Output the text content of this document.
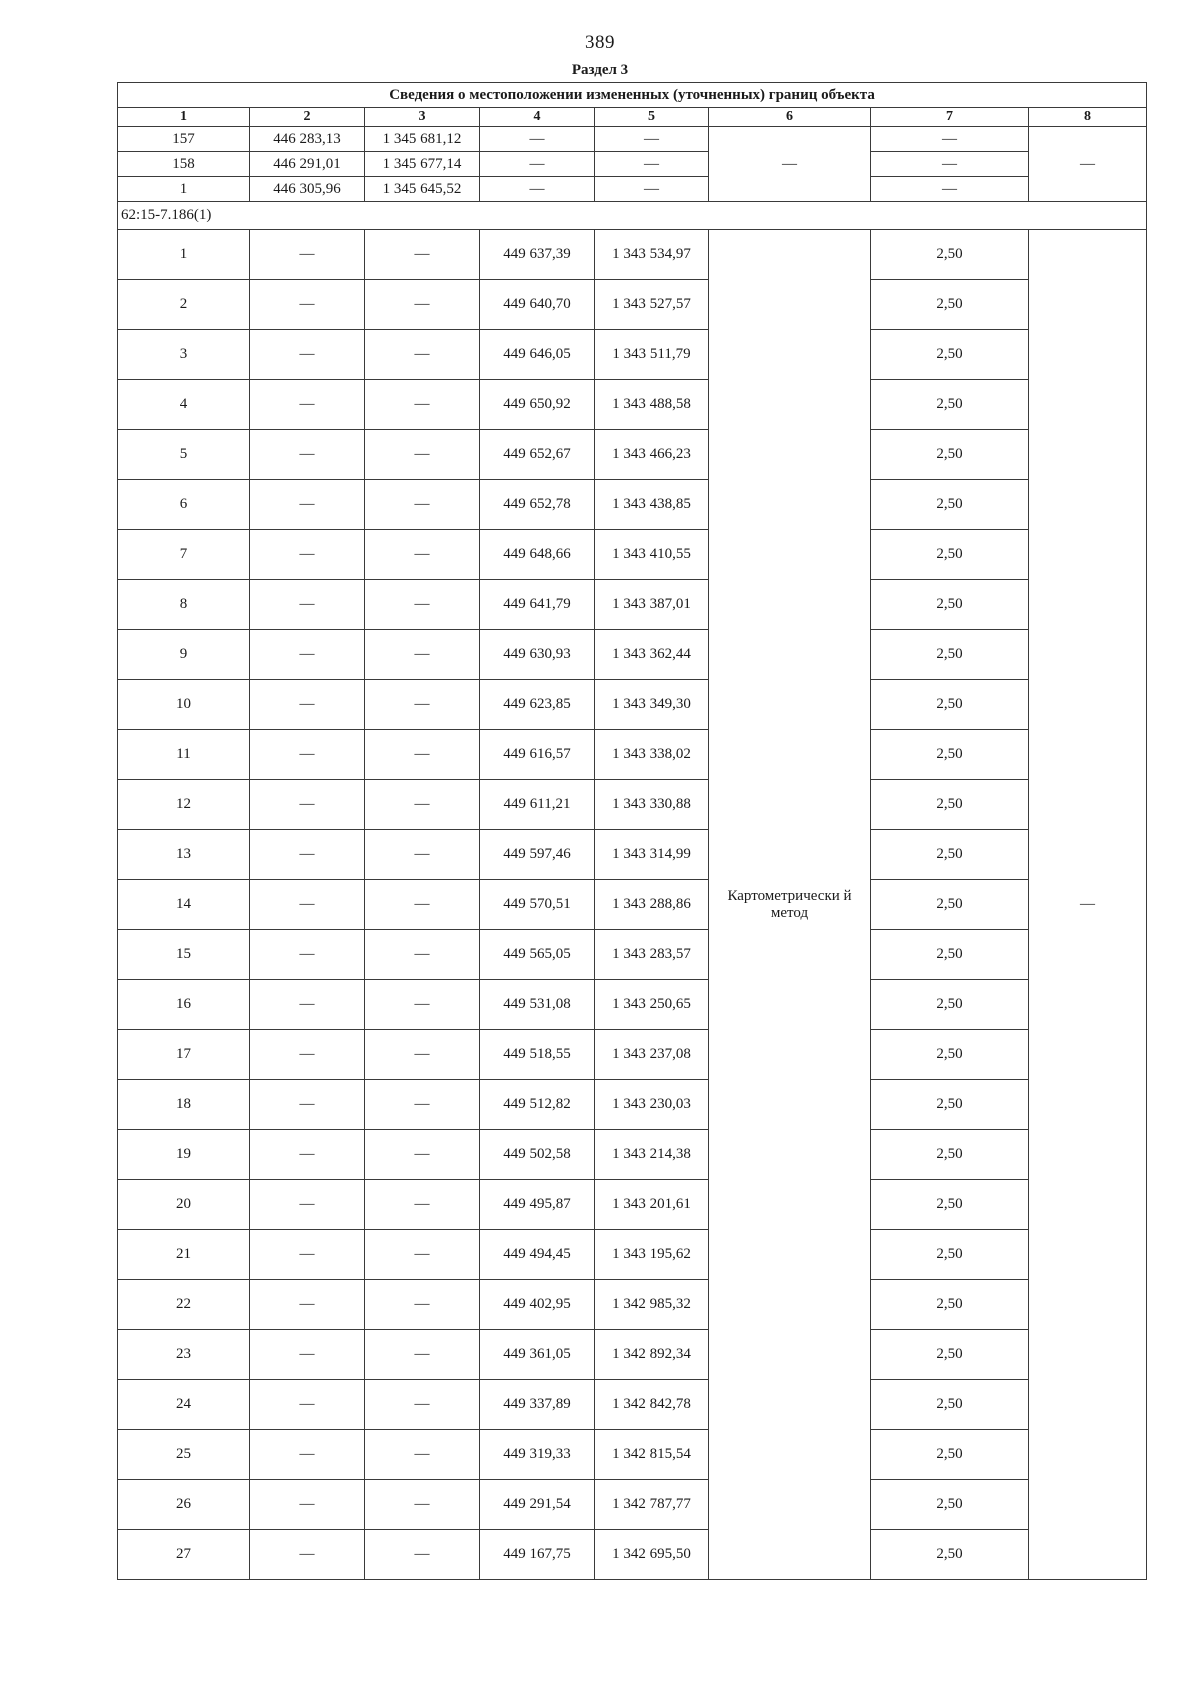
389
Раздел 3
Сведения о местоположении измененных (уточненных) границ объекта							
1	2	3	4	5	6	7	8
157	446 283,13	1 345 681,12	—	—	—	—	—
158	446 291,01	1 345 677,14	—	—		—	
1	446 305,96	1 345 645,52	—	—		—	
62:15-7.186(1)							
1	—	—	449 637,39	1 343 534,97	Картометрически й метод	2,50	—
2	—	—	449 640,70	1 343 527,57		2,50	
3	—	—	449 646,05	1 343 511,79		2,50	
4	—	—	449 650,92	1 343 488,58		2,50	
5	—	—	449 652,67	1 343 466,23		2,50	
6	—	—	449 652,78	1 343 438,85		2,50	
7	—	—	449 648,66	1 343 410,55		2,50	
8	—	—	449 641,79	1 343 387,01		2,50	
9	—	—	449 630,93	1 343 362,44		2,50	
10	—	—	449 623,85	1 343 349,30		2,50	
11	—	—	449 616,57	1 343 338,02		2,50	
12	—	—	449 611,21	1 343 330,88		2,50	
13	—	—	449 597,46	1 343 314,99		2,50	
14	—	—	449 570,51	1 343 288,86		2,50	
15	—	—	449 565,05	1 343 283,57		2,50	
16	—	—	449 531,08	1 343 250,65		2,50	
17	—	—	449 518,55	1 343 237,08		2,50	
18	—	—	449 512,82	1 343 230,03		2,50	
19	—	—	449 502,58	1 343 214,38		2,50	
20	—	—	449 495,87	1 343 201,61		2,50	
21	—	—	449 494,45	1 343 195,62		2,50	
22	—	—	449 402,95	1 342 985,32		2,50	
23	—	—	449 361,05	1 342 892,34		2,50	
24	—	—	449 337,89	1 342 842,78		2,50	
25	—	—	449 319,33	1 342 815,54		2,50	
26	—	—	449 291,54	1 342 787,77		2,50	
27	—	—	449 167,75	1 342 695,50		2,50	
